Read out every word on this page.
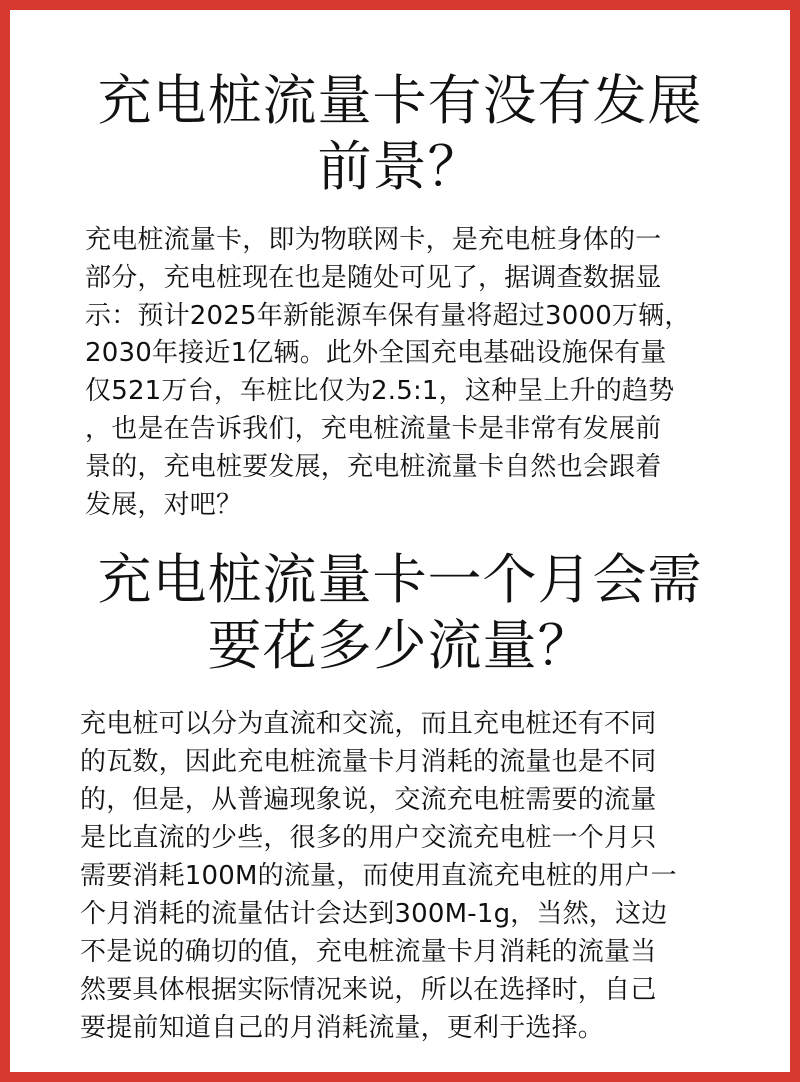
充电桩流量卡有没有发展
前景？

充电桩流量卡，即为物联网卡，是充电桩身体的一
部分，充电桩现在也是随处可见了，据调查数据显
示：预计2025年新能源车保有量将超过3000万辆，
2030年接近1亿辆。此外全国充电基础设施保有量
仅521万台，车桩比仅为2.5:1，这种呈上升的趋势
，也是在告诉我们，充电桩流量卡是非常有发展前
景的，充电桩要发展，充电桩流量卡自然也会跟着
发展，对吧？

充电桩流量卡一个月会需
要花多少流量？

充电桩可以分为直流和交流，而且充电桩还有不同
的瓦数，因此充电桩流量卡月消耗的流量也是不同
的，但是，从普遍现象说，交流充电桩需要的流量
是比直流的少些，很多的用户交流充电桩一个月只
需要消耗100M的流量，而使用直流充电桩的用户一
个月消耗的流量估计会达到300M-1g，当然，这边
不是说的确切的值，充电桩流量卡月消耗的流量当
然要具体根据实际情况来说，所以在选择时，自己
要提前知道自己的月消耗流量，更利于选择。
